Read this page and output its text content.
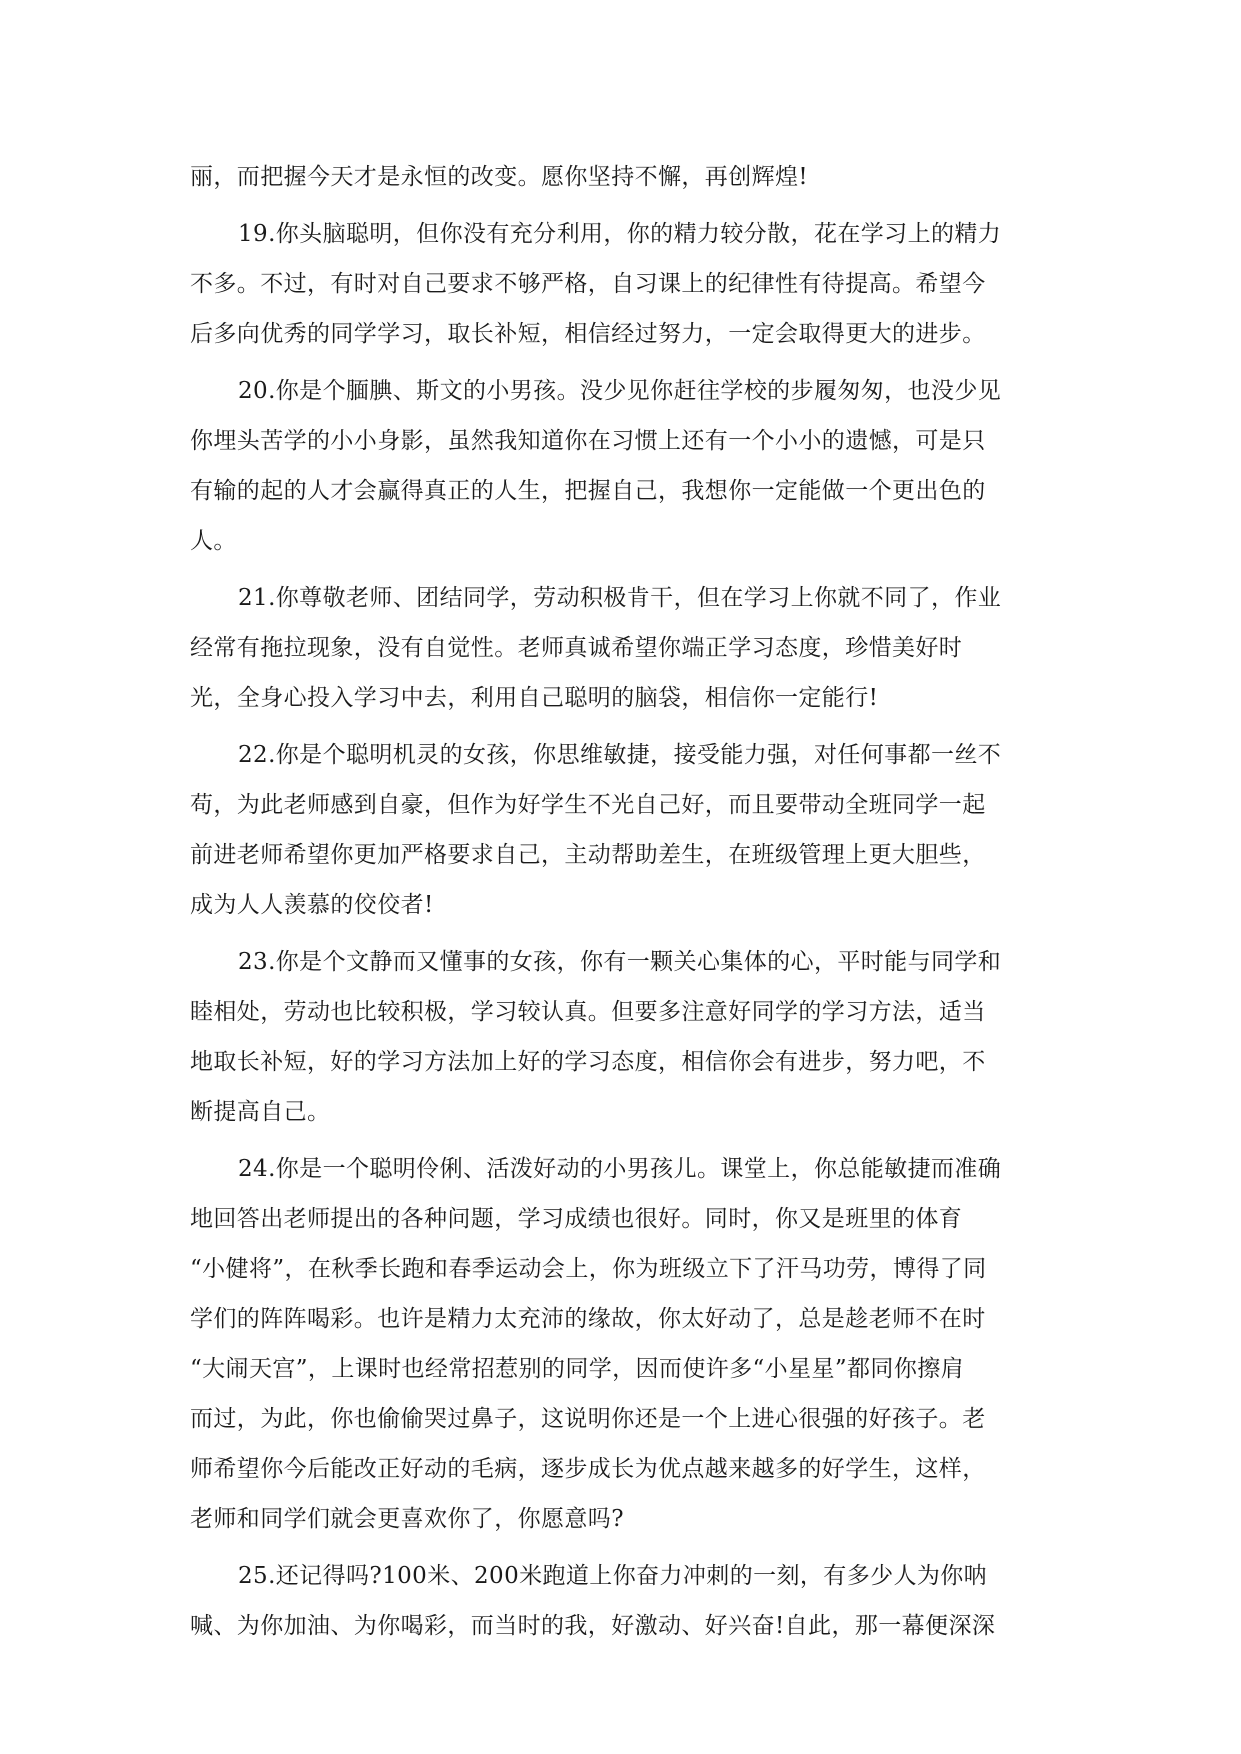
丽，而把握今天才是永恒的改变。愿你坚持不懈，再创辉煌!
19.你头脑聪明，但你没有充分利用，你的精力较分散，花在学习上的精力
不多。不过，有时对自己要求不够严格，自习课上的纪律性有待提高。希望今
后多向优秀的同学学习，取长补短，相信经过努力，一定会取得更大的进步。
20.你是个腼腆、斯文的小男孩。没少见你赶往学校的步履匆匆，也没少见
你埋头苦学的小小身影，虽然我知道你在习惯上还有一个小小的遗憾，可是只
有输的起的人才会赢得真正的人生，把握自己，我想你一定能做一个更出色的
人。
21.你尊敬老师、团结同学，劳动积极肯干，但在学习上你就不同了，作业
经常有拖拉现象，没有自觉性。老师真诚希望你端正学习态度，珍惜美好时
光，全身心投入学习中去，利用自己聪明的脑袋，相信你一定能行!
22.你是个聪明机灵的女孩，你思维敏捷，接受能力强，对任何事都一丝不
苟，为此老师感到自豪，但作为好学生不光自己好，而且要带动全班同学一起
前进老师希望你更加严格要求自己，主动帮助差生，在班级管理上更大胆些，
成为人人羡慕的佼佼者!
23.你是个文静而又懂事的女孩，你有一颗关心集体的心，平时能与同学和
睦相处，劳动也比较积极，学习较认真。但要多注意好同学的学习方法，适当
地取长补短，好的学习方法加上好的学习态度，相信你会有进步，努力吧，不
断提高自己。
24.你是一个聪明伶俐、活泼好动的小男孩儿。课堂上，你总能敏捷而准确
地回答出老师提出的各种问题，学习成绩也很好。同时，你又是班里的体育
“小健将”，在秋季长跑和春季运动会上，你为班级立下了汗马功劳，博得了同
学们的阵阵喝彩。也许是精力太充沛的缘故，你太好动了，总是趁老师不在时
“大闹天宫”，上课时也经常招惹别的同学，因而使许多“小星星”都同你擦肩
而过，为此，你也偷偷哭过鼻子，这说明你还是一个上进心很强的好孩子。老
师希望你今后能改正好动的毛病，逐步成长为优点越来越多的好学生，这样，
老师和同学们就会更喜欢你了，你愿意吗?
25.还记得吗?100米、200米跑道上你奋力冲刺的一刻，有多少人为你呐
喊、为你加油、为你喝彩，而当时的我，好激动、好兴奋!自此，那一幕便深深
